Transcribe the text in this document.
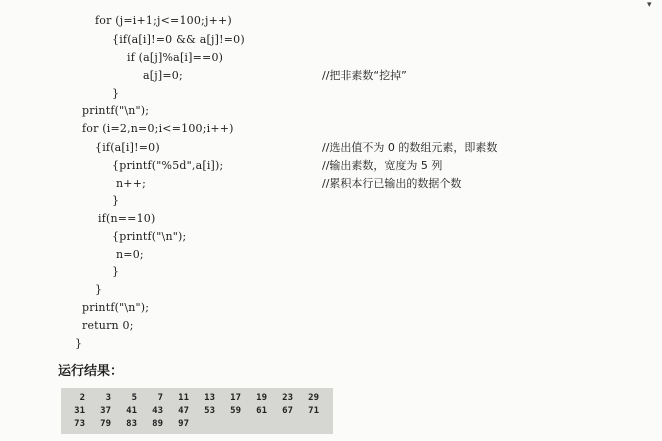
▾
for (j=i+1;j<=100;j++)
{if(a[i]!=0 && a[j]!=0)
if (a[j]%a[i]==0)
a[j]=0;
}
printf("\n");
for (i=2,n=0;i<=100;i++)
{if(a[i]!=0)
{printf("%5d",a[i]);
n++;
}
if(n==10)
{printf("\n");
n=0;
}
}
printf("\n");
return 0;
}
//把非素数“挖掉”
//选出值不为 0 的数组元素，即素数
//输出素数，宽度为 5 列
//累积本行已输出的数据个数
运行结果：
2	3	5	7	11	13	17	19	23	29
31	37	41	43	47	53	59	61	67	71
73	79	83	89	97
